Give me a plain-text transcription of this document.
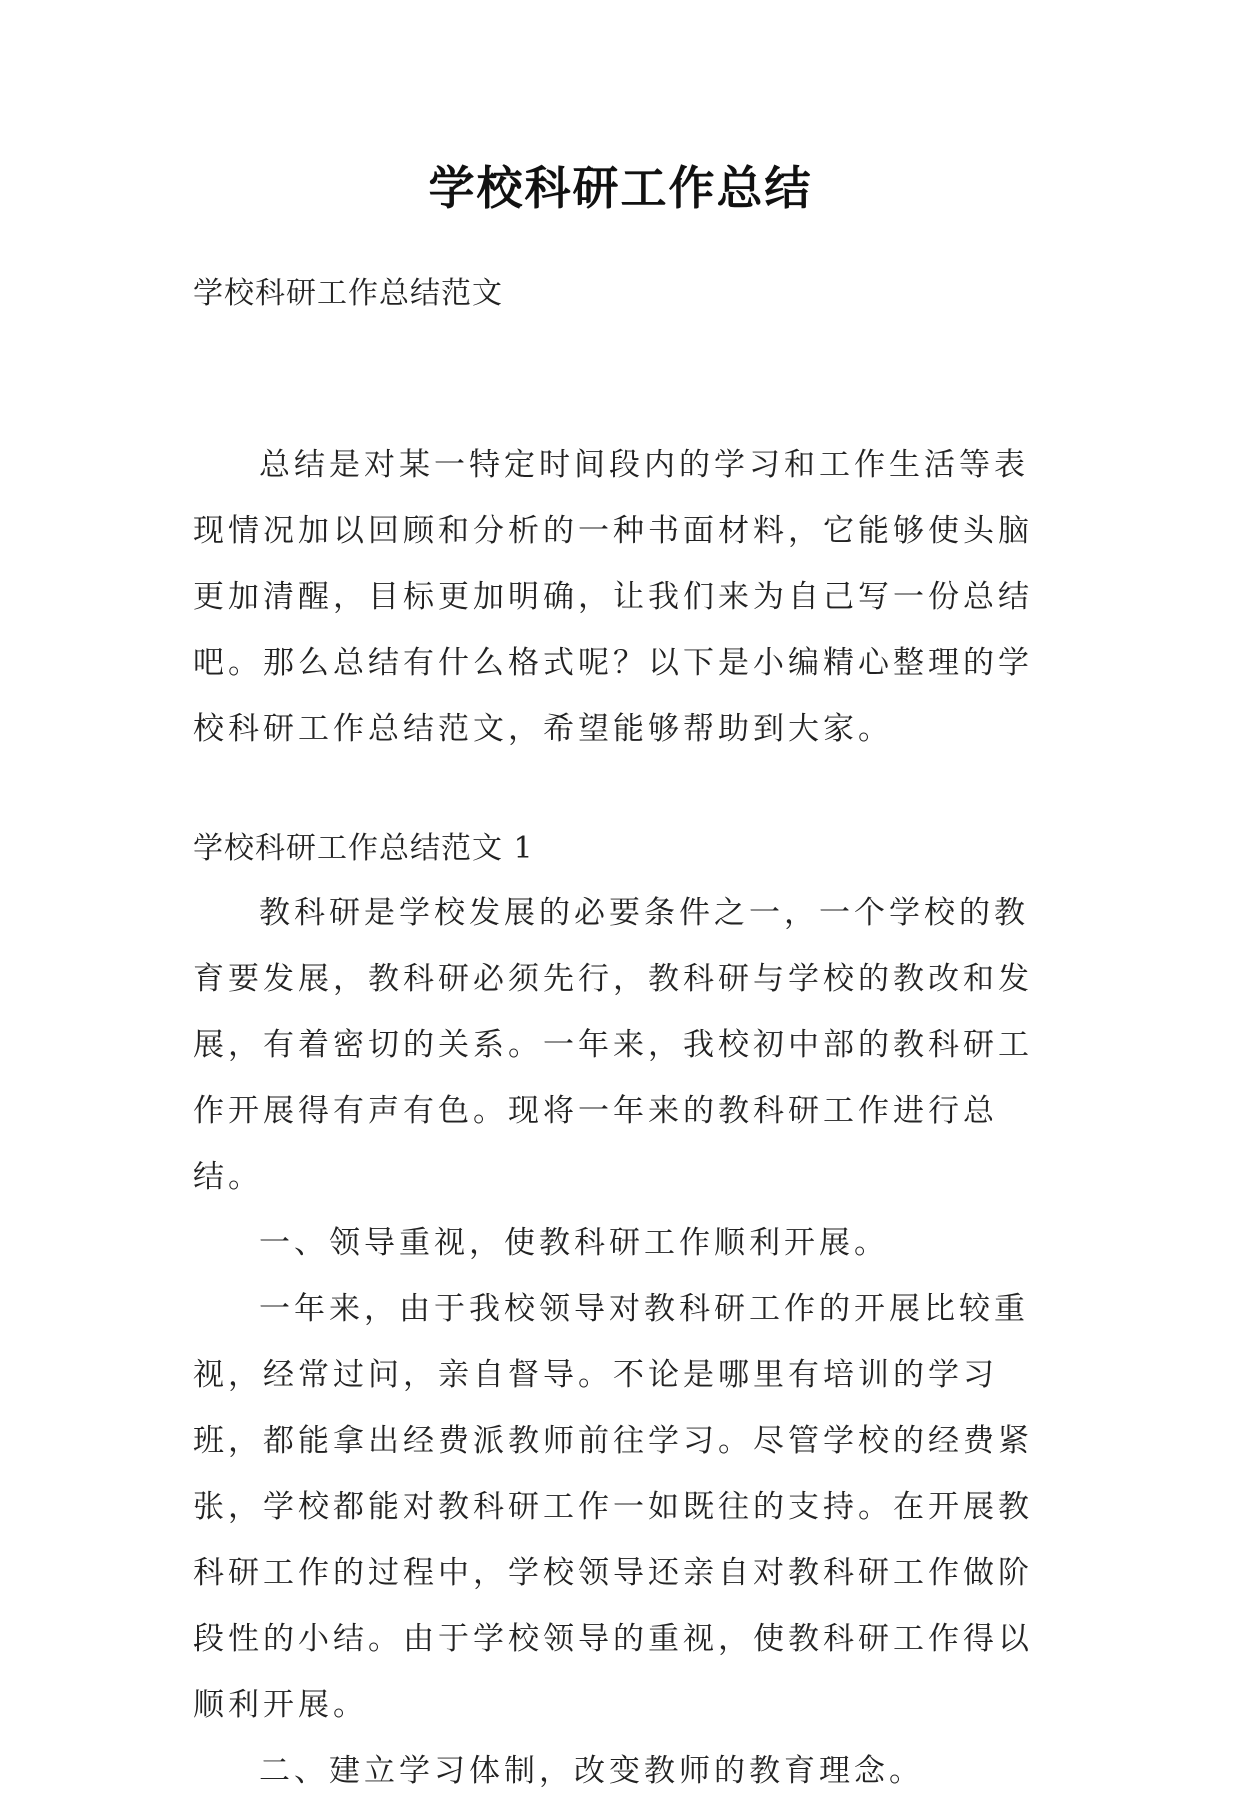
学校科研工作总结
学校科研工作总结范文

总结是对某一特定时间段内的学习和工作生活等表现情况加以回顾和分析的一种书面材料，它能够使头脑更加清醒，目标更加明确，让我们来为自己写一份总结吧。那么总结有什么格式呢？以下是小编精心整理的学校科研工作总结范文，希望能够帮助到大家。

学校科研工作总结范文 1

教科研是学校发展的必要条件之一，一个学校的教育要发展，教科研必须先行，教科研与学校的教改和发展，有着密切的关系。一年来，我校初中部的教科研工作开展得有声有色。现将一年来的教科研工作进行总结。

一、领导重视，使教科研工作顺利开展。

一年来，由于我校领导对教科研工作的开展比较重视，经常过问，亲自督导。不论是哪里有培训的学习班，都能拿出经费派教师前往学习。尽管学校的经费紧张，学校都能对教科研工作一如既往的支持。在开展教科研工作的过程中，学校领导还亲自对教科研工作做阶段性的小结。由于学校领导的重视，使教科研工作得以顺利开展。

二、建立学习体制，改变教师的教育理念。
